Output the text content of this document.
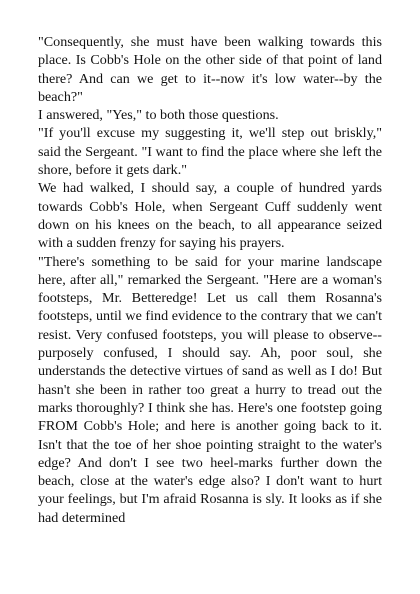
"Consequently, she must have been walking towards this place. Is Cobb's Hole on the other side of that point of land there? And can we get to it--now it's low water--by the beach?"

I answered, "Yes," to both those questions.

"If you'll excuse my suggesting it, we'll step out briskly," said the Sergeant. "I want to find the place where she left the shore, before it gets dark."

We had walked, I should say, a couple of hundred yards towards Cobb's Hole, when Sergeant Cuff suddenly went down on his knees on the beach, to all appearance seized with a sudden frenzy for saying his prayers.

"There's something to be said for your marine landscape here, after all," remarked the Sergeant. "Here are a woman's footsteps, Mr. Betteredge! Let us call them Rosanna's footsteps, until we find evidence to the contrary that we can't resist. Very confused footsteps, you will please to observe--purposely confused, I should say. Ah, poor soul, she understands the detective virtues of sand as well as I do! But hasn't she been in rather too great a hurry to tread out the marks thoroughly? I think she has. Here's one footstep going FROM Cobb's Hole; and here is another going back to it. Isn't that the toe of her shoe pointing straight to the water's edge? And don't I see two heel-marks further down the beach, close at the water's edge also? I don't want to hurt your feelings, but I'm afraid Rosanna is sly. It looks as if she had determined
